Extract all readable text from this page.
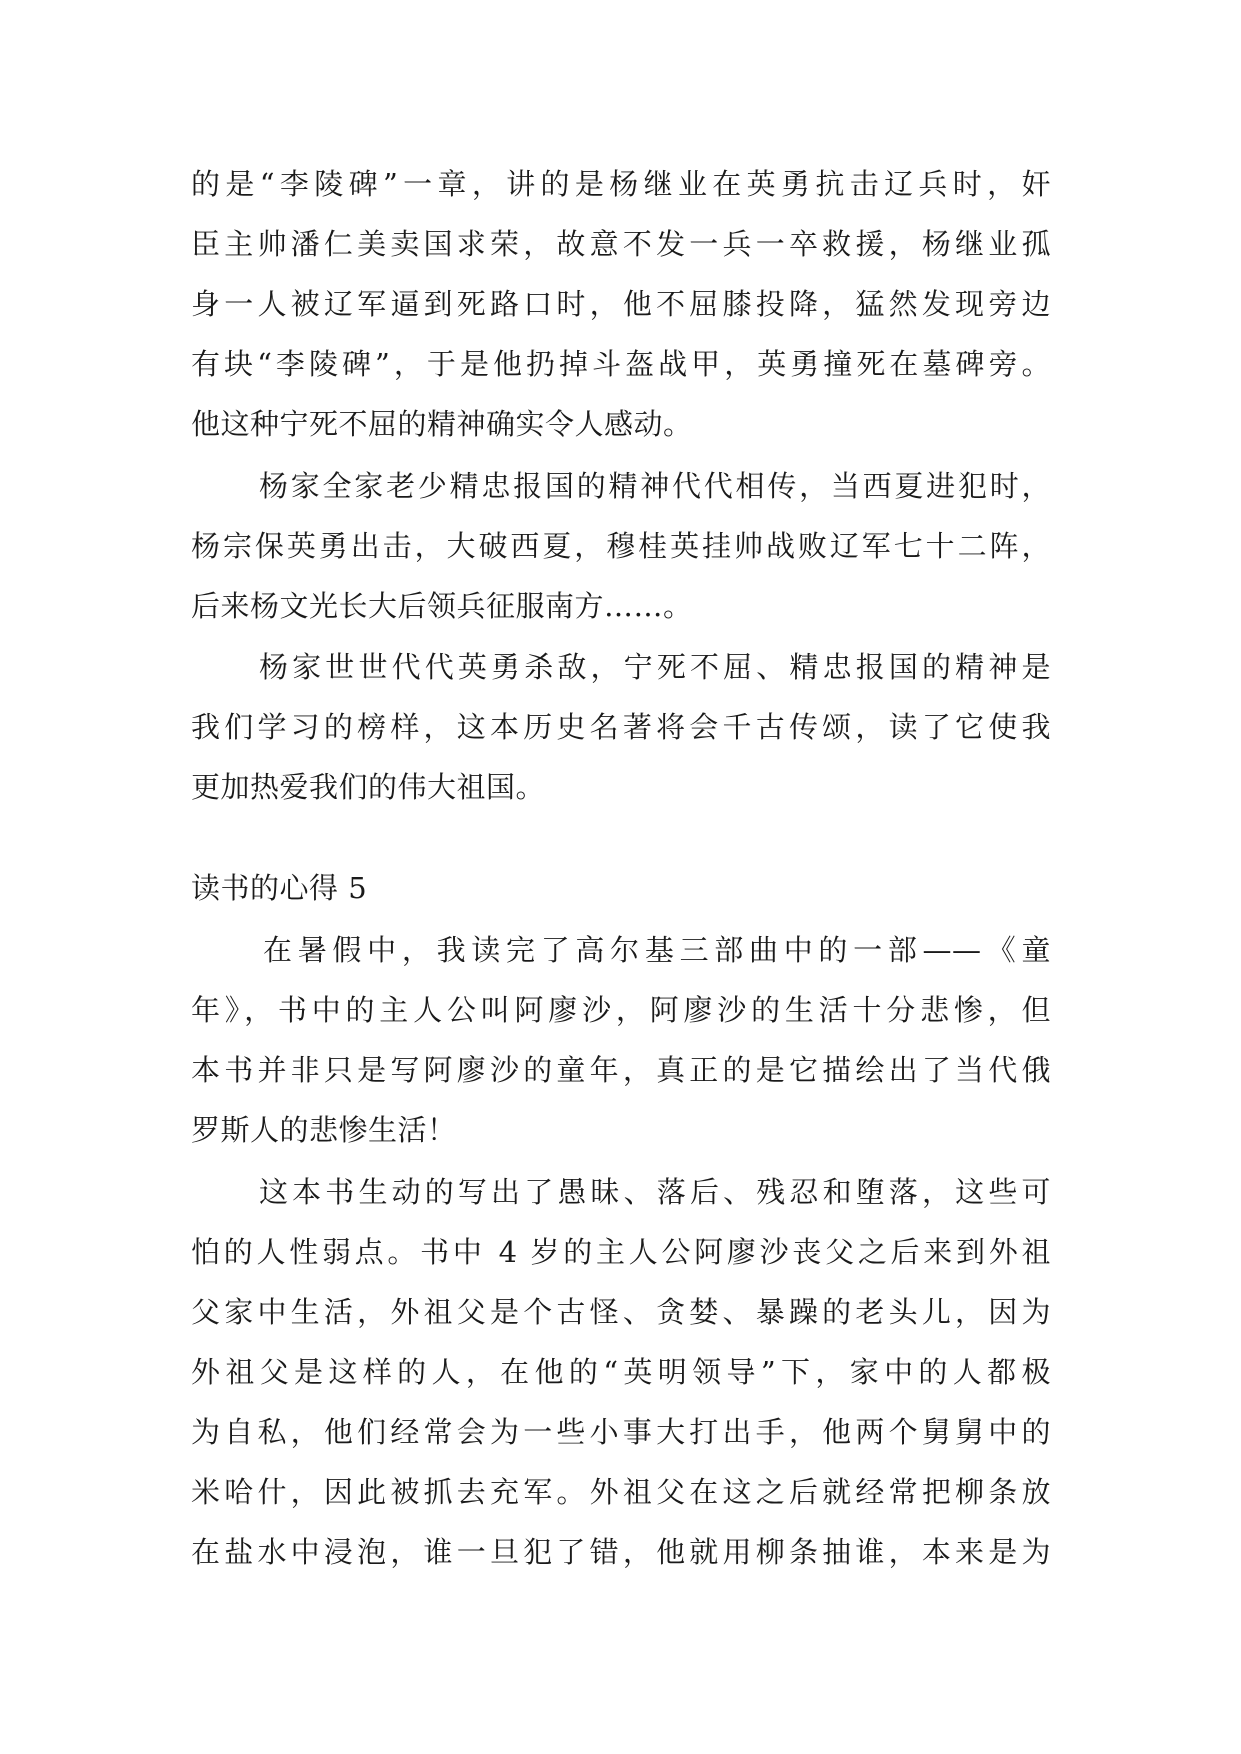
的是“李陵碑”一章，讲的是杨继业在英勇抗击辽兵时，奸
臣主帅潘仁美卖国求荣，故意不发一兵一卒救援，杨继业孤
身一人被辽军逼到死路口时，他不屈膝投降，猛然发现旁边
有块“李陵碑”，于是他扔掉斗盔战甲，英勇撞死在墓碑旁。
他这种宁死不屈的精神确实令人感动。
杨家全家老少精忠报国的精神代代相传，当西夏进犯时，
杨宗保英勇出击，大破西夏，穆桂英挂帅战败辽军七十二阵，
后来杨文光长大后领兵征服南方……。
杨家世世代代英勇杀敌，宁死不屈、精忠报国的精神是
我们学习的榜样，这本历史名著将会千古传颂，读了它使我
更加热爱我们的伟大祖国。
读书的心得 5
在暑假中，我读完了高尔基三部曲中的一部——《童
年》，书中的主人公叫阿廖沙，阿廖沙的生活十分悲惨，但
本书并非只是写阿廖沙的童年，真正的是它描绘出了当代俄
罗斯人的悲惨生活！
这本书生动的写出了愚昧、落后、残忍和堕落，这些可
怕的人性弱点。书中 4 岁的主人公阿廖沙丧父之后来到外祖
父家中生活，外祖父是个古怪、贪婪、暴躁的老头儿，因为
外祖父是这样的人，在他的“英明领导”下，家中的人都极
为自私，他们经常会为一些小事大打出手，他两个舅舅中的
米哈什，因此被抓去充军。外祖父在这之后就经常把柳条放
在盐水中浸泡，谁一旦犯了错，他就用柳条抽谁，本来是为
